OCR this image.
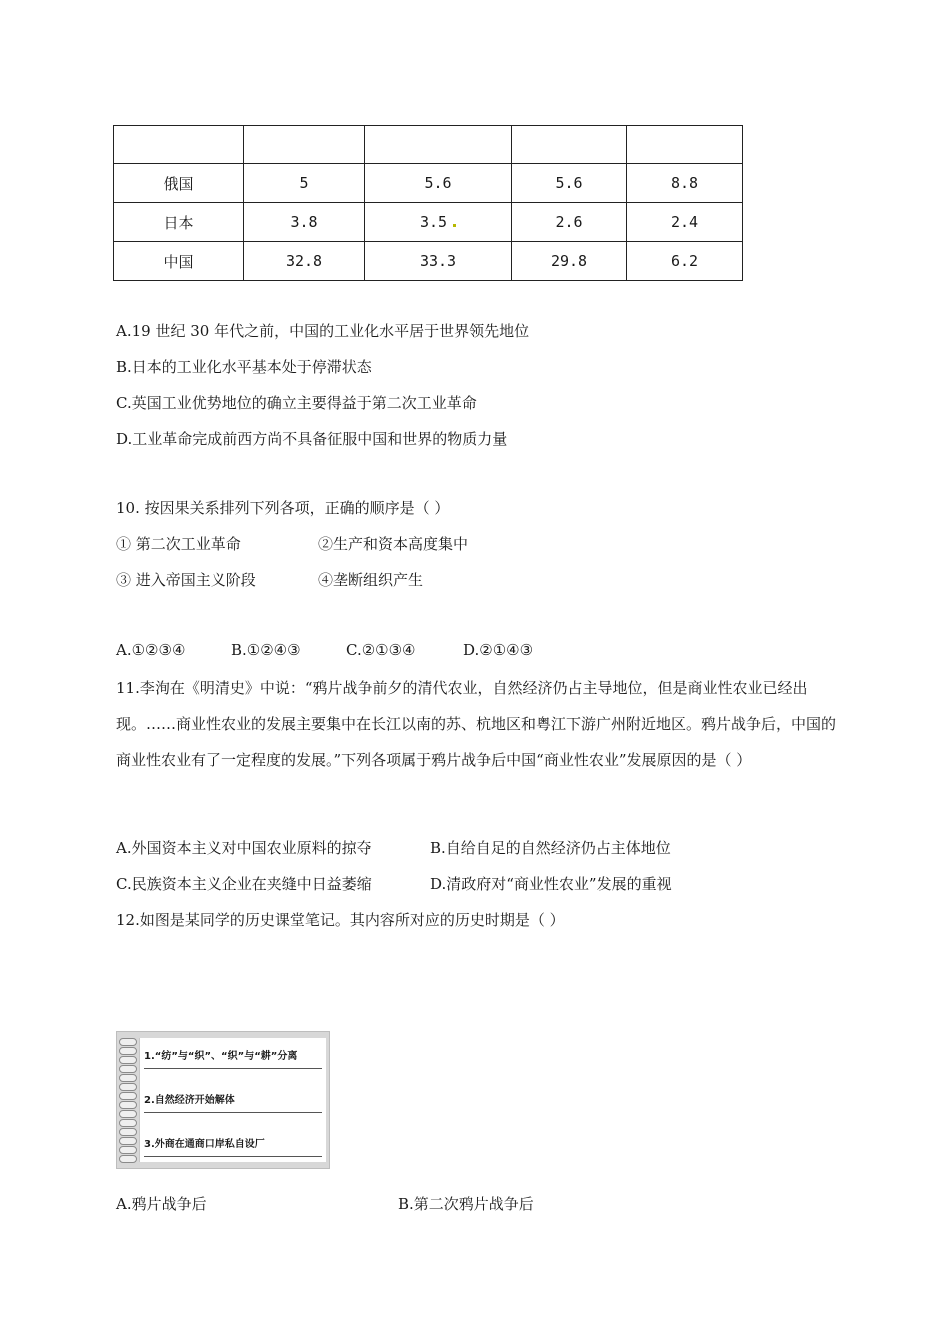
俄国	5	5.6	5.6	8.8
日本	3.8	3.5	2.6	2.4
中国	32.8	33.3	29.8	6.2
A.19 世纪 30 年代之前，中国的工业化水平居于世界领先地位
B.日本的工业化水平基本处于停滞状态
C.英国工业优势地位的确立主要得益于第二次工业革命
D.工业革命完成前西方尚不具备征服中国和世界的物质力量
10. 按因果关系排列下列各项，正确的顺序是（ ）
① 第二次工业革命	②生产和资本高度集中
③ 进入帝国主义阶段	④垄断组织产生
A.①②③④	B.①②④③	C.②①③④	D.②①④③
11.李洵在《明清史》中说：“鸦片战争前夕的清代农业，自然经济仍占主导地位，但是商业性农业已经出现。……商业性农业的发展主要集中在长江以南的苏、杭地区和粤江下游广州附近地区。鸦片战争后，中国的商业性农业有了一定程度的发展。”下列各项属于鸦片战争后中国“商业性农业”发展原因的是（ ）
A.外国资本主义对中国农业原料的掠夺	B.自给自足的自然经济仍占主体地位
C.民族资本主义企业在夹缝中日益萎缩	D.清政府对“商业性农业”发展的重视
12.如图是某同学的历史课堂笔记。其内容所对应的历史时期是（ ）
1.“纺”与“织”、“织”与“耕”分离
2.自然经济开始解体
3.外商在通商口岸私自设厂
A.鸦片战争后	B.第二次鸦片战争后
